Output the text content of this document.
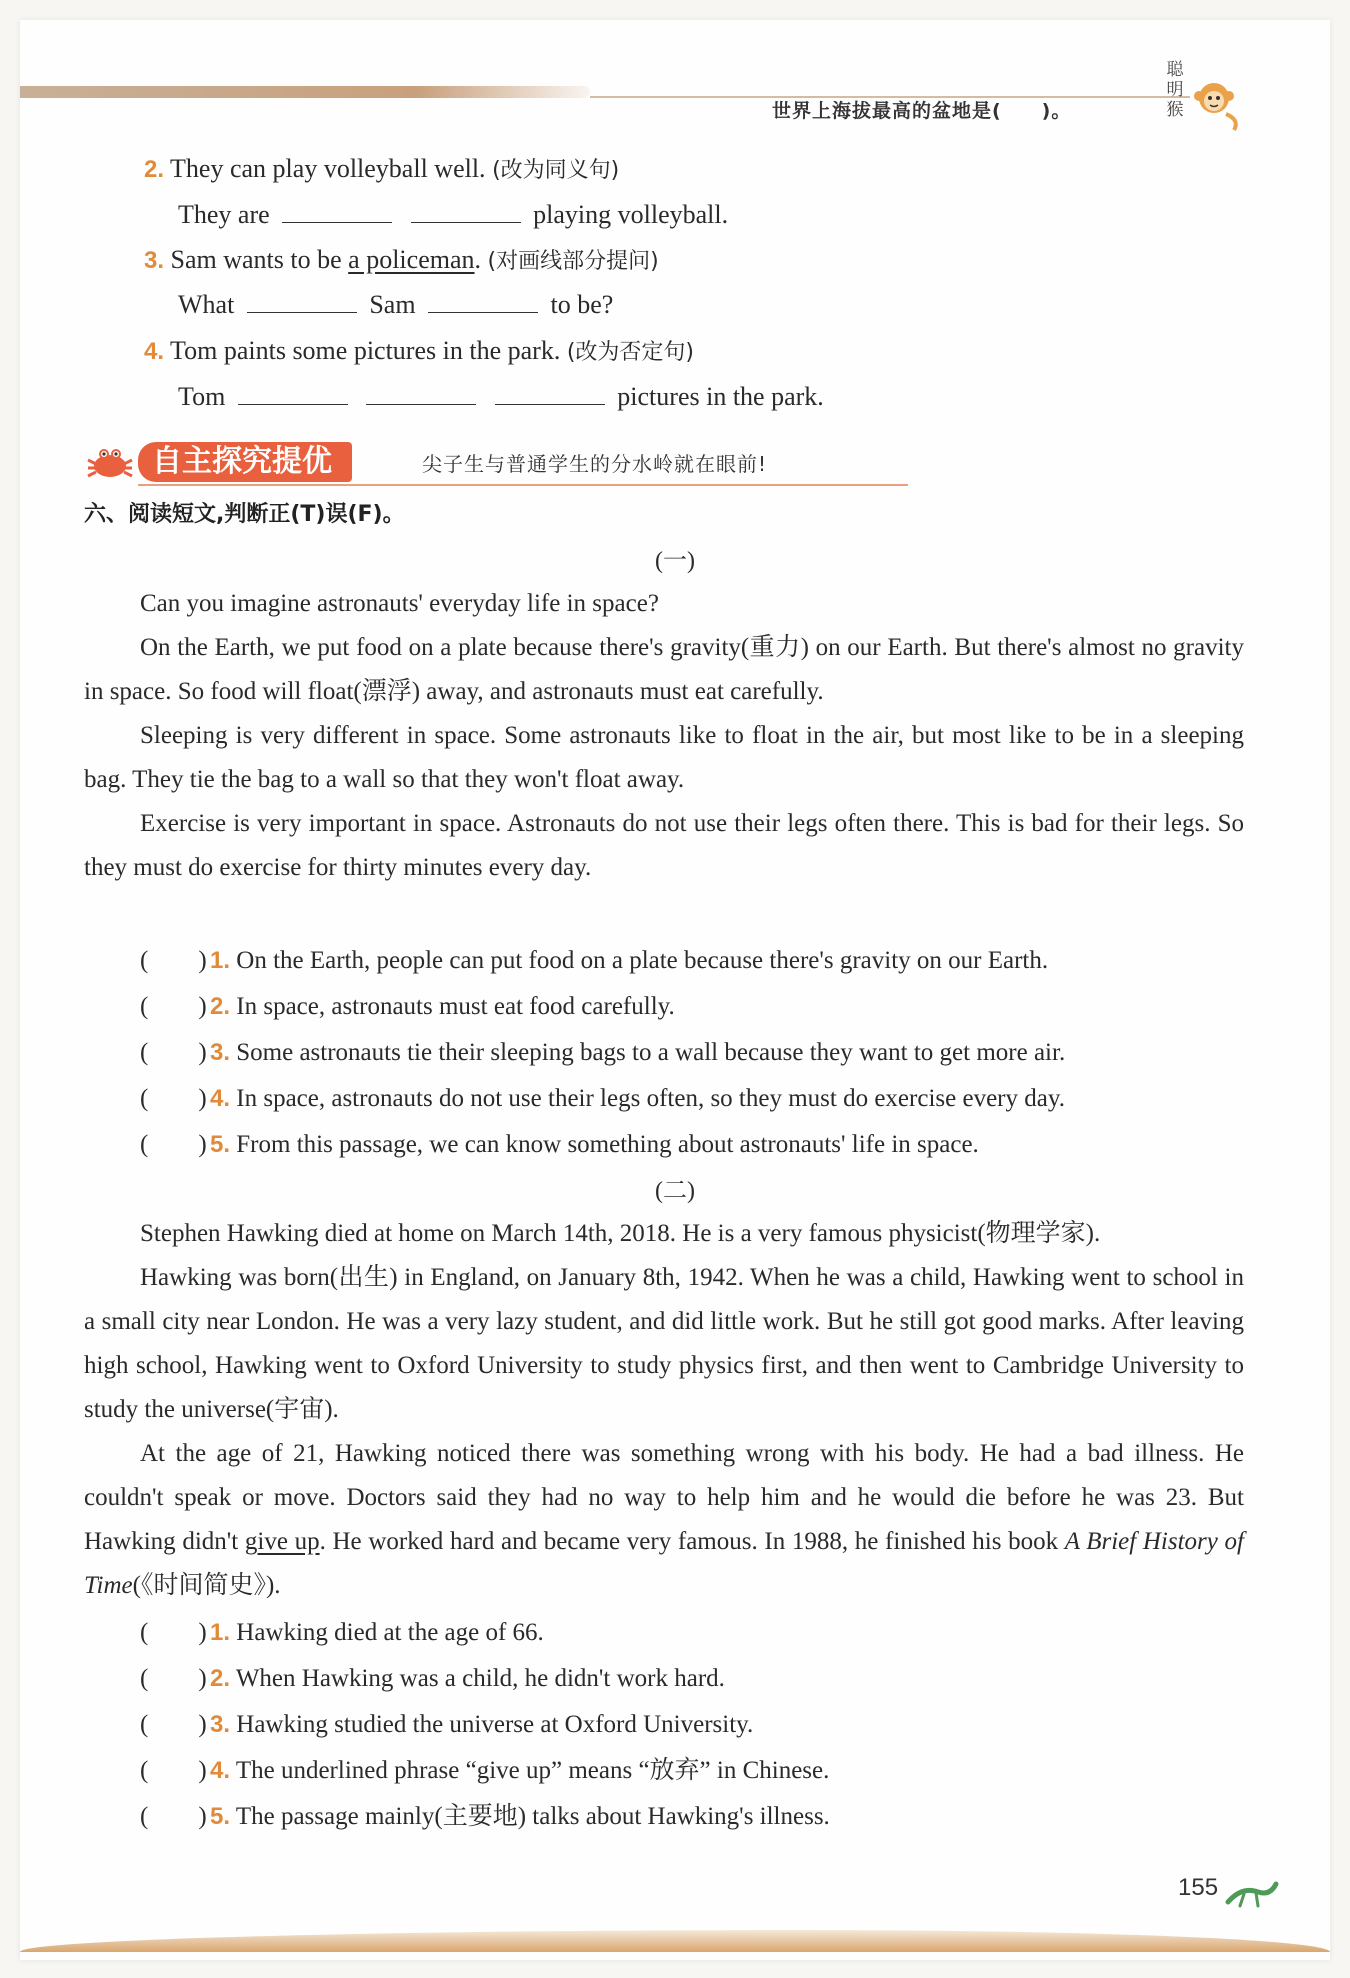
世界上海拔最高的盆地是(　　)。
聪明猴
2. They can play volleyball well. (改为同义句)
They are	playing volleyball.
3. Sam wants to be a policeman. (对画线部分提问)
What	Sam	to be?
4. Tom paints some pictures in the park. (改为否定句)
Tom	pictures in the park.
自主探究提优	尖子生与普通学生的分水岭就在眼前!
六、阅读短文,判断正(T)误(F)。
(一)

Can you imagine astronauts' everyday life in space?

On the Earth, we put food on a plate because there's gravity(重力) on our Earth. But there's almost no gravity in space. So food will float(漂浮) away, and astronauts must eat carefully.

Sleeping is very different in space. Some astronauts like to float in the air, but most like to be in a sleeping bag. They tie the bag to a wall so that they won't float away.

Exercise is very important in space. Astronauts do not use their legs often there. This is bad for their legs. So they must do exercise for thirty minutes every day.

(　　) 1. On the Earth, people can put food on a plate because there's gravity on our Earth.
(　　) 2. In space, astronauts must eat food carefully.
(　　) 3. Some astronauts tie their sleeping bags to a wall because they want to get more air.
(　　) 4. In space, astronauts do not use their legs often, so they must do exercise every day.
(　　) 5. From this passage, we can know something about astronauts' life in space.
(二)

Stephen Hawking died at home on March 14th, 2018. He is a very famous physicist(物理学家).

Hawking was born(出生) in England, on January 8th, 1942. When he was a child, Hawking went to school in a small city near London. He was a very lazy student, and did little work. But he still got good marks. After leaving high school, Hawking went to Oxford University to study physics first, and then went to Cambridge University to study the universe(宇宙).

At the age of 21, Hawking noticed there was something wrong with his body. He had a bad illness. He couldn't speak or move. Doctors said they had no way to help him and he would die before he was 23. But Hawking didn't give up. He worked hard and became very famous. In 1988, he finished his book A Brief History of Time(《时间简史》).

(　　) 1. Hawking died at the age of 66.
(　　) 2. When Hawking was a child, he didn't work hard.
(　　) 3. Hawking studied the universe at Oxford University.
(　　) 4. The underlined phrase “give up” means “放弃” in Chinese.
(　　) 5. The passage mainly(主要地) talks about Hawking's illness.
155
